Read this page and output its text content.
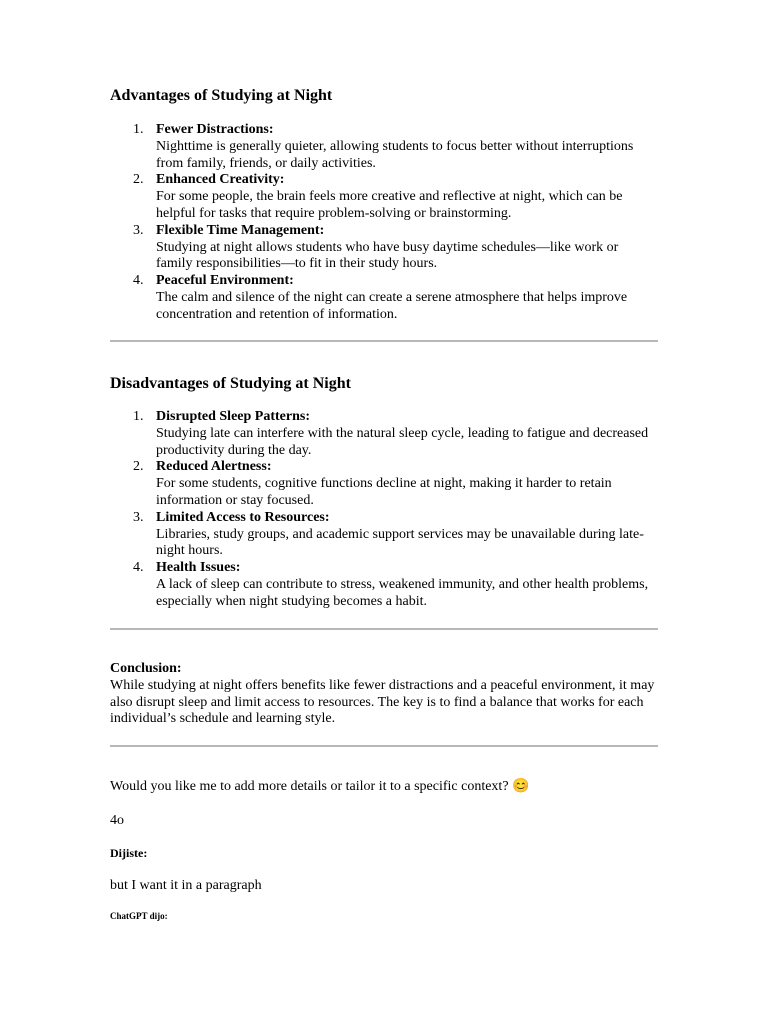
Advantages of Studying at Night
1. Fewer Distractions:
Nighttime is generally quieter, allowing students to focus better without interruptions from family, friends, or daily activities.
2. Enhanced Creativity:
For some people, the brain feels more creative and reflective at night, which can be helpful for tasks that require problem-solving or brainstorming.
3. Flexible Time Management:
Studying at night allows students who have busy daytime schedules—like work or family responsibilities—to fit in their study hours.
4. Peaceful Environment:
The calm and silence of the night can create a serene atmosphere that helps improve concentration and retention of information.
Disadvantages of Studying at Night
1. Disrupted Sleep Patterns:
Studying late can interfere with the natural sleep cycle, leading to fatigue and decreased productivity during the day.
2. Reduced Alertness:
For some students, cognitive functions decline at night, making it harder to retain information or stay focused.
3. Limited Access to Resources:
Libraries, study groups, and academic support services may be unavailable during late-night hours.
4. Health Issues:
A lack of sleep can contribute to stress, weakened immunity, and other health problems, especially when night studying becomes a habit.
Conclusion:
While studying at night offers benefits like fewer distractions and a peaceful environment, it may also disrupt sleep and limit access to resources. The key is to find a balance that works for each individual’s schedule and learning style.

Would you like me to add more details or tailor it to a specific context? 😊

4o

Dijiste:

but I want it in a paragraph

ChatGPT dijo:
